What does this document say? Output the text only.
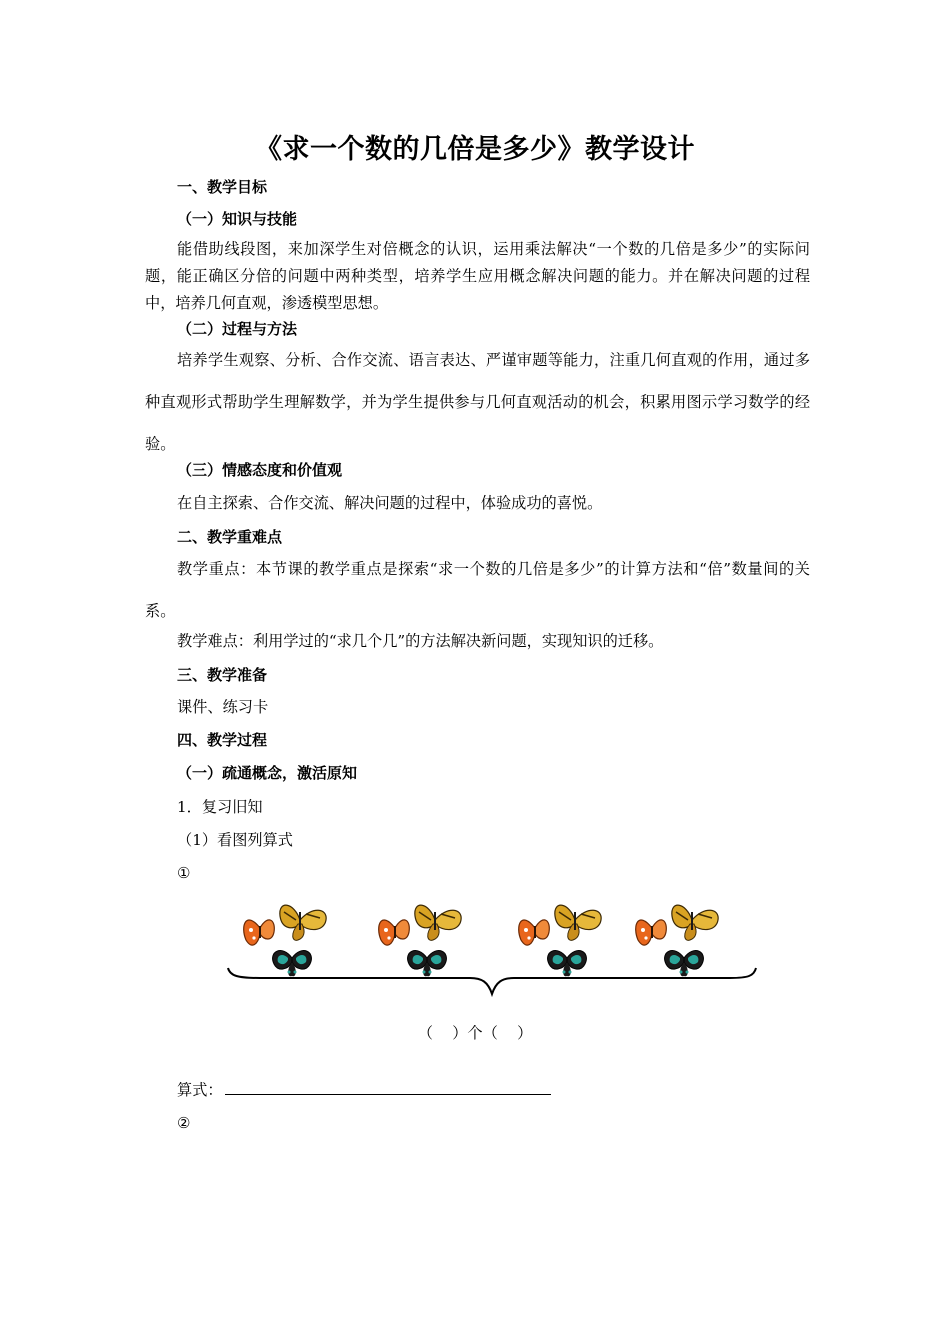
《求一个数的几倍是多少》教学设计
一、教学目标
（一）知识与技能
能借助线段图，来加深学生对倍概念的认识，运用乘法解决“一个数的几倍是多少”的实际问题，能正确区分倍的问题中两种类型，培养学生应用概念解决问题的能力。并在解决问题的过程中，培养几何直观，渗透模型思想。
（二）过程与方法
培养学生观察、分析、合作交流、语言表达、严谨审题等能力，注重几何直观的作用，通过多种直观形式帮助学生理解数学，并为学生提供参与几何直观活动的机会，积累用图示学习数学的经验。
（三）情感态度和价值观
在自主探索、合作交流、解决问题的过程中，体验成功的喜悦。
二、教学重难点
教学重点：本节课的教学重点是探索“求一个数的几倍是多少”的计算方法和“倍”数量间的关系。
教学难点：利用学过的“求几个几”的方法解决新问题，实现知识的迁移。
三、教学准备
课件、练习卡
四、教学过程
（一）疏通概念，激活原知
1．复习旧知
（1）看图列算式
①
（    ）个（    ）
算式：
②
